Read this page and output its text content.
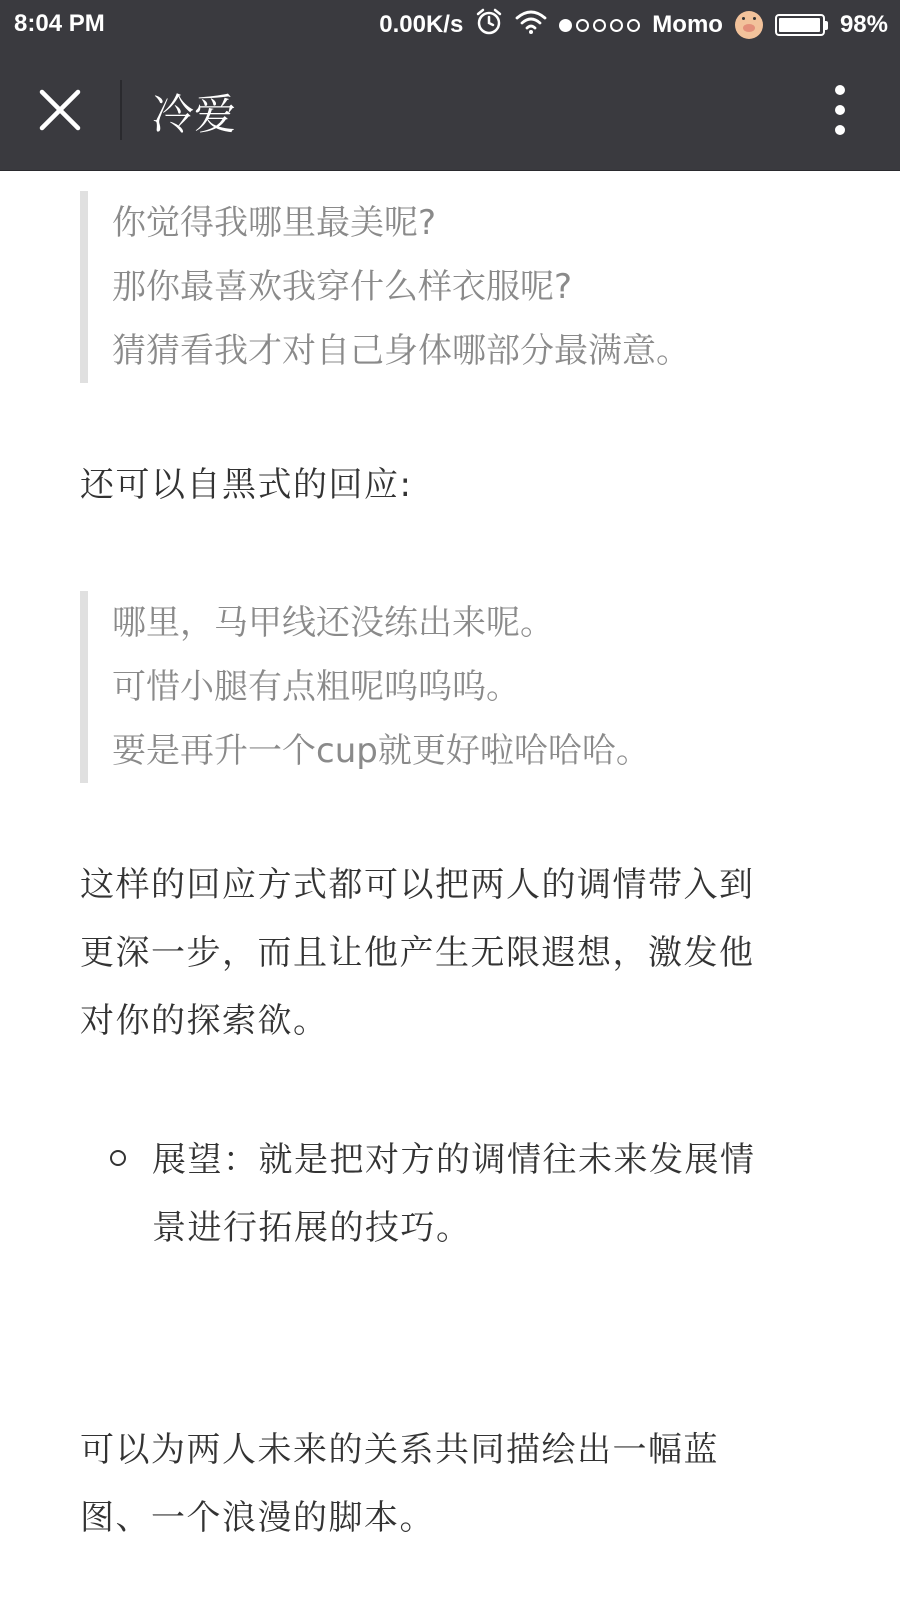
8:04 PM	0.00K/s	Momo	98%
冷爱
你觉得我哪里最美呢?
那你最喜欢我穿什么样衣服呢?
猜猜看我才对自己身体哪部分最满意。
还可以自黑式的回应:
哪里，马甲线还没练出来呢。
可惜小腿有点粗呢呜呜呜。
要是再升一个cup就更好啦哈哈哈。
这样的回应方式都可以把两人的调情带入到
更深一步，而且让他产生无限遐想，激发他
对你的探索欲。
展望：就是把对方的调情往未来发展情
景进行拓展的技巧。
可以为两人未来的关系共同描绘出一幅蓝
图、一个浪漫的脚本。
